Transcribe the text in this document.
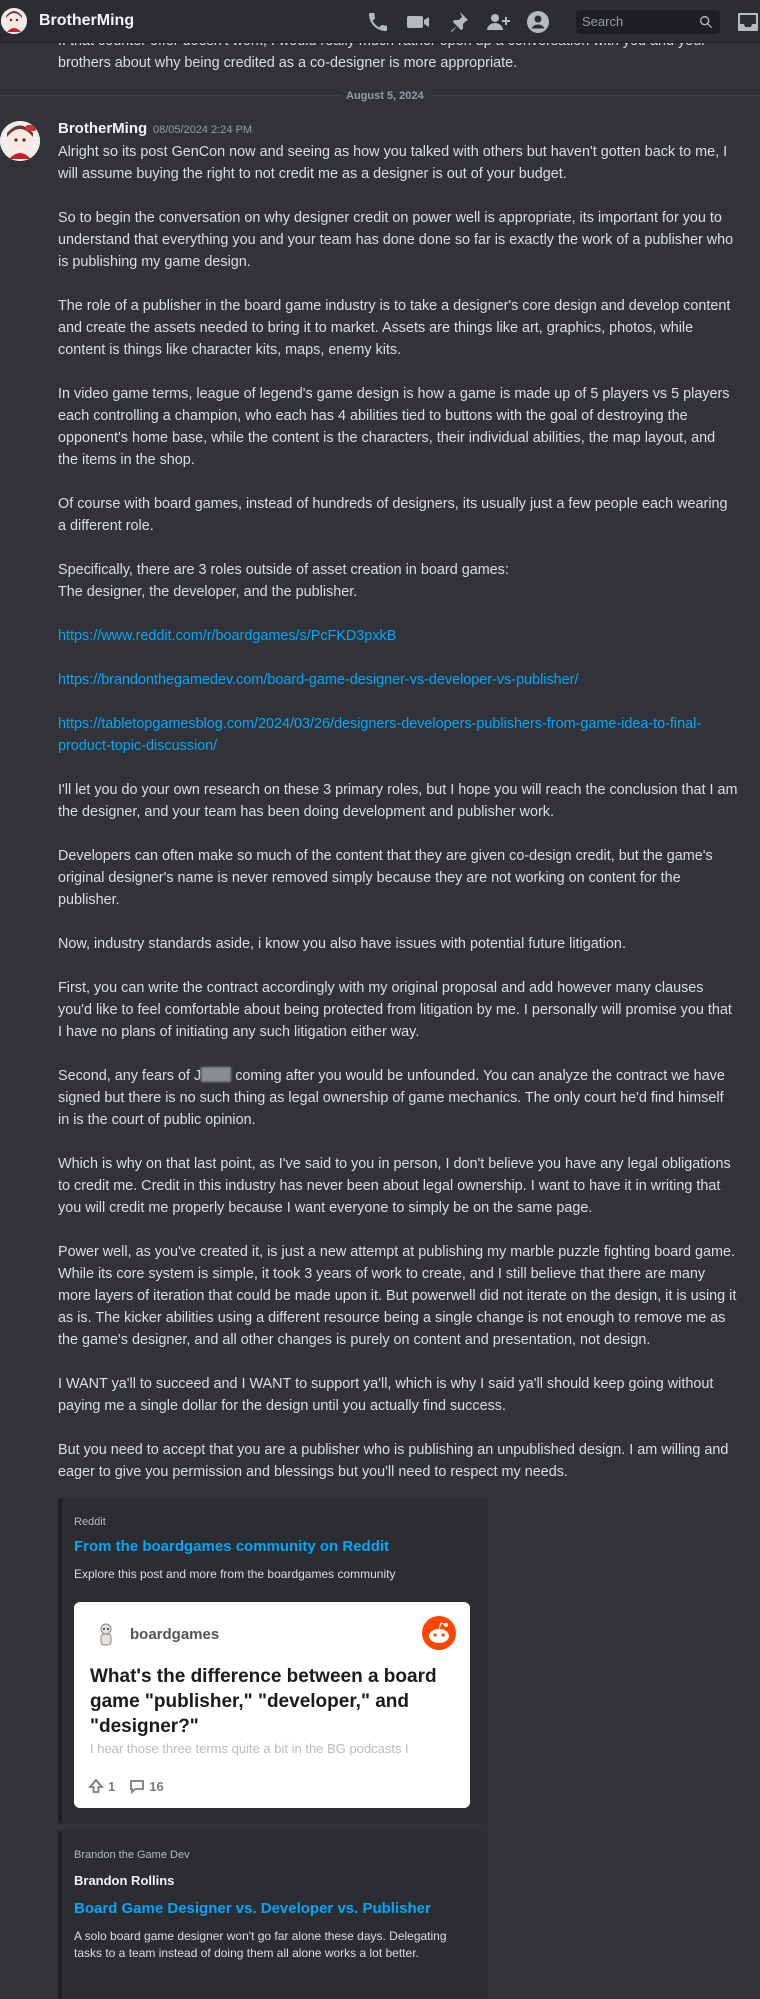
BrotherMing	Search
brothers about why being credited as a co-designer is more appropriate.
August 5, 2024
BrotherMing 08/05/2024 2:24 PM

Alright so its post GenCon now and seeing as how you talked with others but haven't gotten back to me, I will assume buying the right to not credit me as a designer is out of your budget.

So to begin the conversation on why designer credit on power well is appropriate, its important for you to understand that everything you and your team has done done so far is exactly the work of a publisher who is publishing my game design.

The role of a publisher in the board game industry is to take a designer's core design and develop content and create the assets needed to bring it to market. Assets are things like art, graphics, photos, while content is things like character kits, maps, enemy kits.

In video game terms, league of legend's game design is how a game is made up of 5 players vs 5 players each controlling a champion, who each has 4 abilities tied to buttons with the goal of destroying the opponent's home base, while the content is the characters, their individual abilities, the map layout, and the items in the shop.

Of course with board games, instead of hundreds of designers, its usually just a few people each wearing a different role.

Specifically, there are 3 roles outside of asset creation in board games:
The designer, the developer, and the publisher.

https://www.reddit.com/r/boardgames/s/PcFKD3pxkB

https://brandonthegamedev.com/board-game-designer-vs-developer-vs-publisher/

https://tabletopgamesblog.com/2024/03/26/designers-developers-publishers-from-game-idea-to-final-product-topic-discussion/

I'll let you do your own research on these 3 primary roles, but I hope you will reach the conclusion that I am the designer, and your team has been doing development and publisher work.

Developers can often make so much of the content that they are given co-design credit, but the game's original designer's name is never removed simply because they are not working on content for the publisher.

Now, industry standards aside, i know you also have issues with potential future litigation.

First, you can write the contract accordingly with my original proposal and add however many clauses you'd like to feel comfortable about being protected from litigation by me. I personally will promise you that I have no plans of initiating any such litigation either way.

Second, any fears of J coming after you would be unfounded. You can analyze the contract we have signed but there is no such thing as legal ownership of game mechanics. The only court he'd find himself in is the court of public opinion.

Which is why on that last point, as I've said to you in person, I don't believe you have any legal obligations to credit me. Credit in this industry has never been about legal ownership. I want to have it in writing that you will credit me properly because I want everyone to simply be on the same page.

Power well, as you've created it, is just a new attempt at publishing my marble puzzle fighting board game. While its core system is simple, it took 3 years of work to create, and I still believe that there are many more layers of iteration that could be made upon it. But powerwell did not iterate on the design, it is using it as is. The kicker abilities using a different resource being a single change is not enough to remove me as the game's designer, and all other changes is purely on content and presentation, not design.

I WANT ya'll to succeed and I WANT to support ya'll, which is why I said ya'll should keep going without paying me a single dollar for the design until you actually find success.

But you need to accept that you are a publisher who is publishing an unpublished design. I am willing and eager to give you permission and blessings but you'll need to respect my needs.

Reddit
From the boardgames community on Reddit
Explore this post and more from the boardgames community
boardgames
What's the difference between a board game "publisher," "developer," and "designer?"
I hear those three terms quite a bit in the BG podcasts I
1	16
Brandon the Game Dev
Brandon Rollins
Board Game Designer vs. Developer vs. Publisher
A solo board game designer won't go far alone these days. Delegating tasks to a team instead of doing them all alone works a lot better.
